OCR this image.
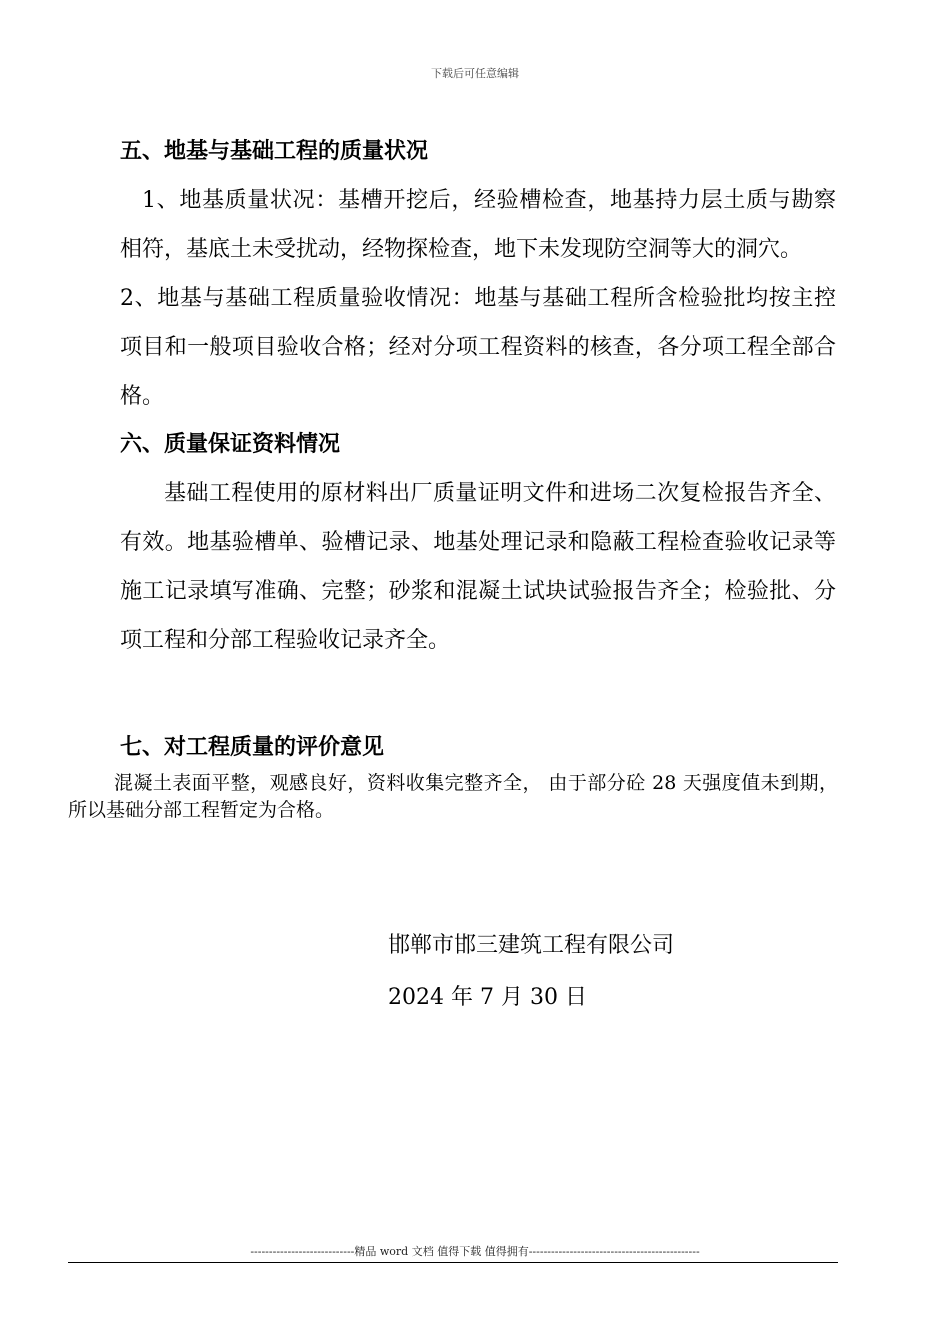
下载后可任意编辑
五、地基与基础工程的质量状况

1、地基质量状况：基槽开挖后，经验槽检查，地基持力层土质与勘察相符，基底土未受扰动，经物探检查，地下未发现防空洞等大的洞穴。

2、地基与基础工程质量验收情况：地基与基础工程所含检验批均按主控项目和一般项目验收合格；经对分项工程资料的核查，各分项工程全部合格。

六、质量保证资料情况

基础工程使用的原材料出厂质量证明文件和进场二次复检报告齐全、有效。地基验槽单、验槽记录、地基处理记录和隐蔽工程检查验收记录等施工记录填写准确、完整；砂浆和混凝土试块试验报告齐全；检验批、分项工程和分部工程验收记录齐全。

七、对工程质量的评价意见

混凝土表面平整，观感良好，资料收集完整齐全， 由于部分砼 28 天强度值未到期，所以基础分部工程暂定为合格。

邯郸市邯三建筑工程有限公司
2024 年 7 月 30 日
----------------------------精品 word 文档 值得下载 值得拥有----------------------------------------------
